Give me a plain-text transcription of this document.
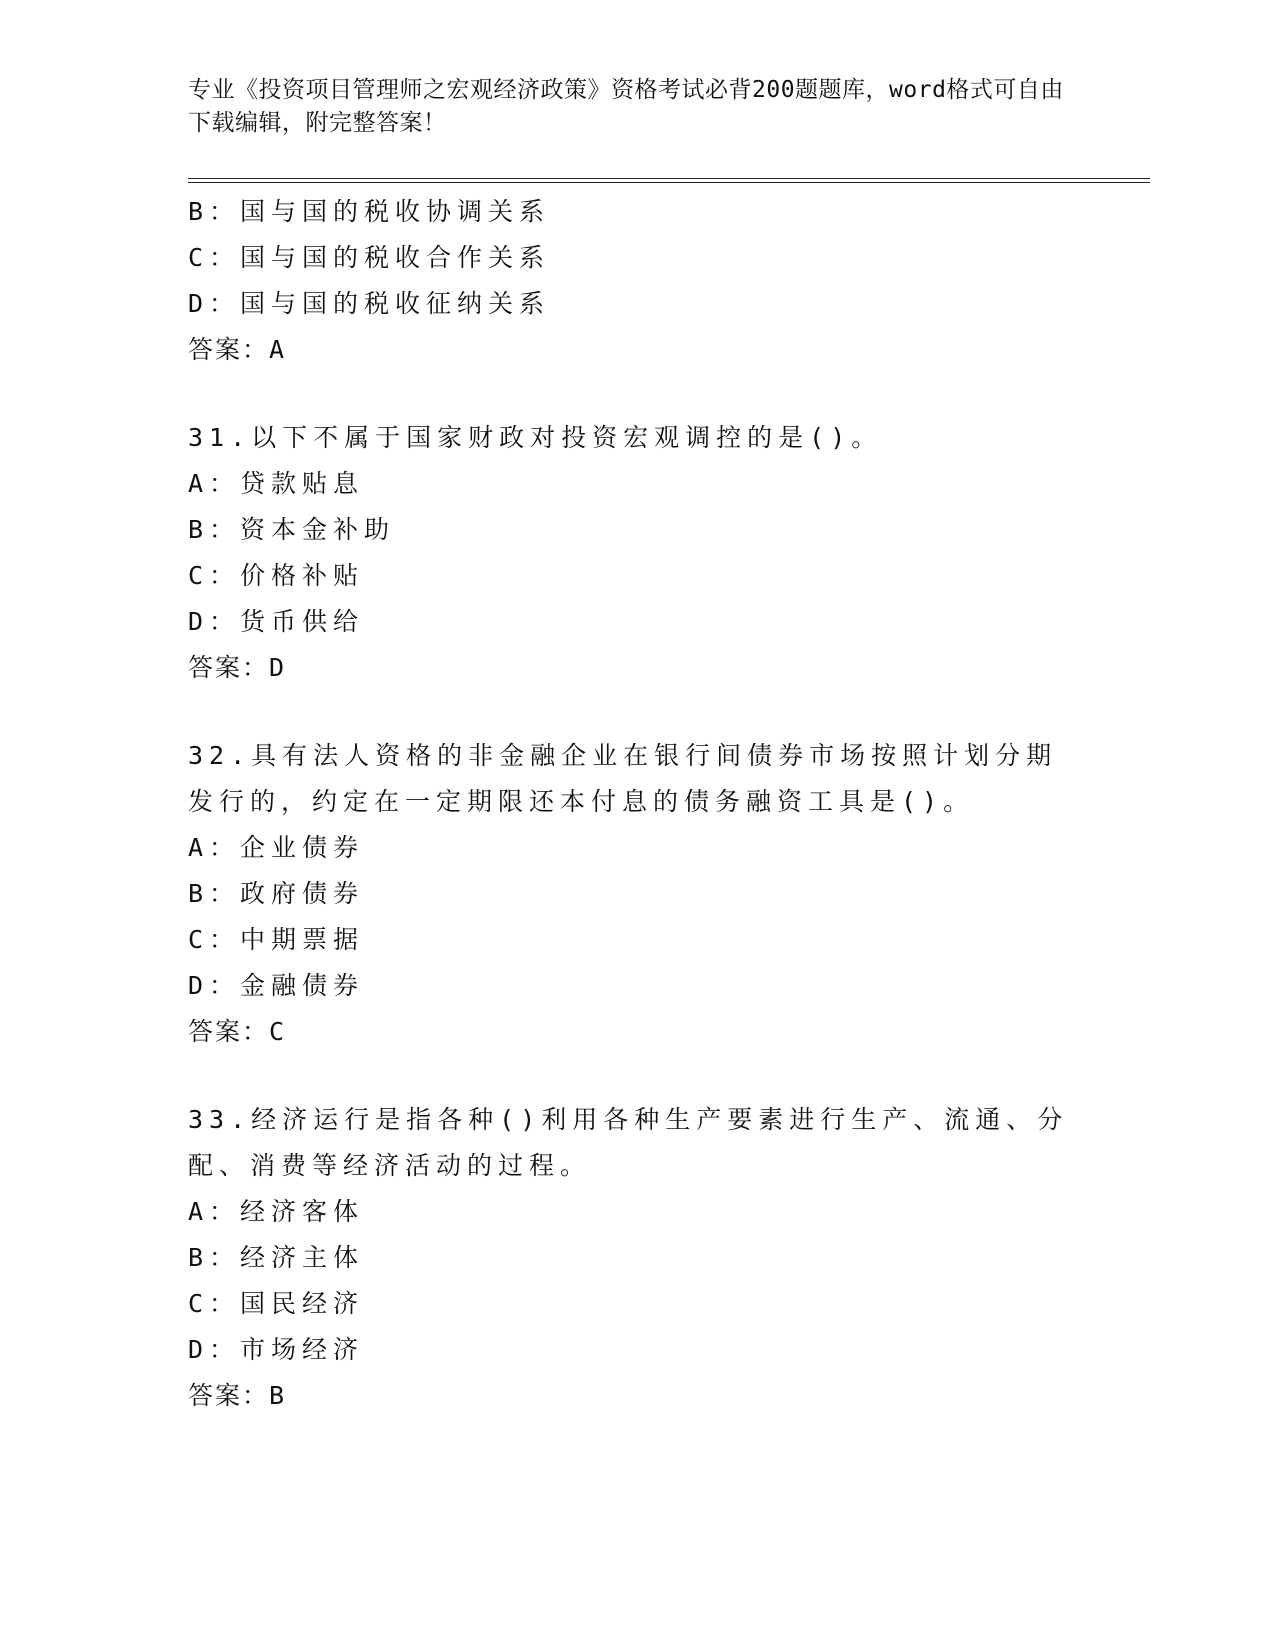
专业《投资项目管理师之宏观经济政策》资格考试必背200题题库，word格式可自由下载编辑，附完整答案！
B：国与国的税收协调关系
C：国与国的税收合作关系
D：国与国的税收征纳关系
答案：A
31.以下不属于国家财政对投资宏观调控的是()。
A：贷款贴息
B：资本金补助
C：价格补贴
D：货币供给
答案：D
32.具有法人资格的非金融企业在银行间债券市场按照计划分期发行的，约定在一定期限还本付息的债务融资工具是()。
A：企业债券
B：政府债券
C：中期票据
D：金融债券
答案：C
33.经济运行是指各种()利用各种生产要素进行生产、流通、分配、消费等经济活动的过程。
A：经济客体
B：经济主体
C：国民经济
D：市场经济
答案：B
